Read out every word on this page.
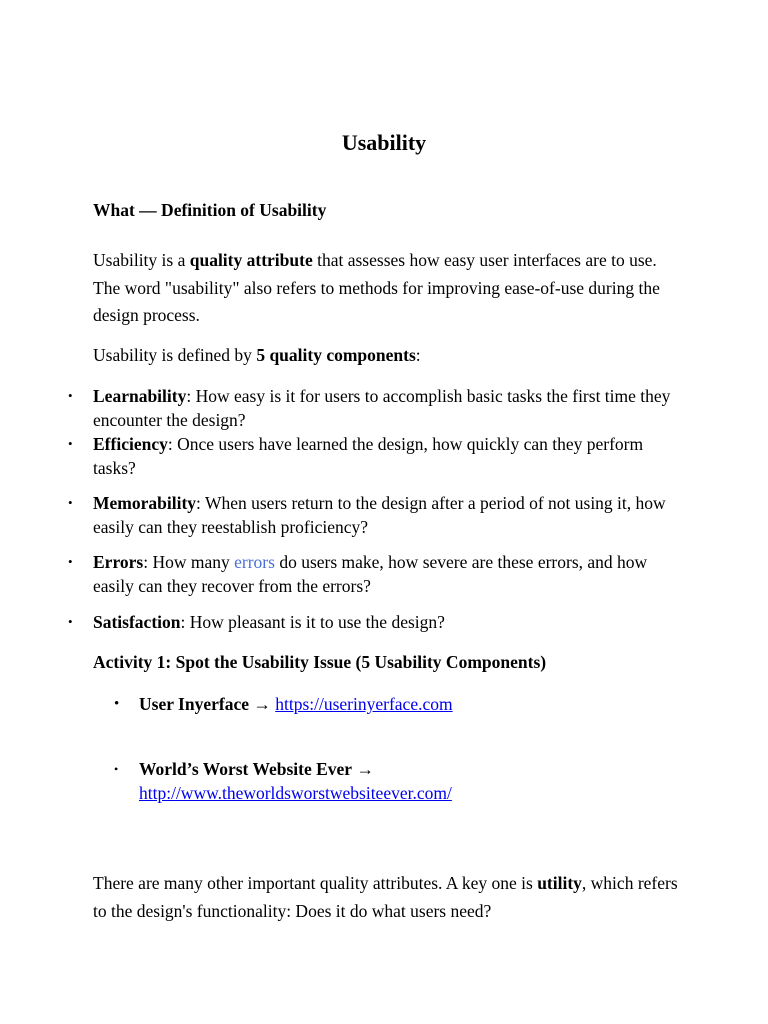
Usability
What — Definition of Usability
Usability is a quality attribute that assesses how easy user interfaces are to use. The word "usability" also refers to methods for improving ease-of-use during the design process.
Usability is defined by 5 quality components:
• Learnability: How easy is it for users to accomplish basic tasks the first time they encounter the design?
• Efficiency: Once users have learned the design, how quickly can they perform tasks?
• Memorability: When users return to the design after a period of not using it, how easily can they reestablish proficiency?
• Errors: How many errors do users make, how severe are these errors, and how easily can they recover from the errors?
• Satisfaction: How pleasant is it to use the design?
Activity 1: Spot the Usability Issue (5 Usability Components)
• User Inyerface → https://userinyerface.com
• World’s Worst Website Ever →
http://www.theworldsworstwebsiteever.com/
There are many other important quality attributes. A key one is utility, which refers to the design's functionality: Does it do what users need?
